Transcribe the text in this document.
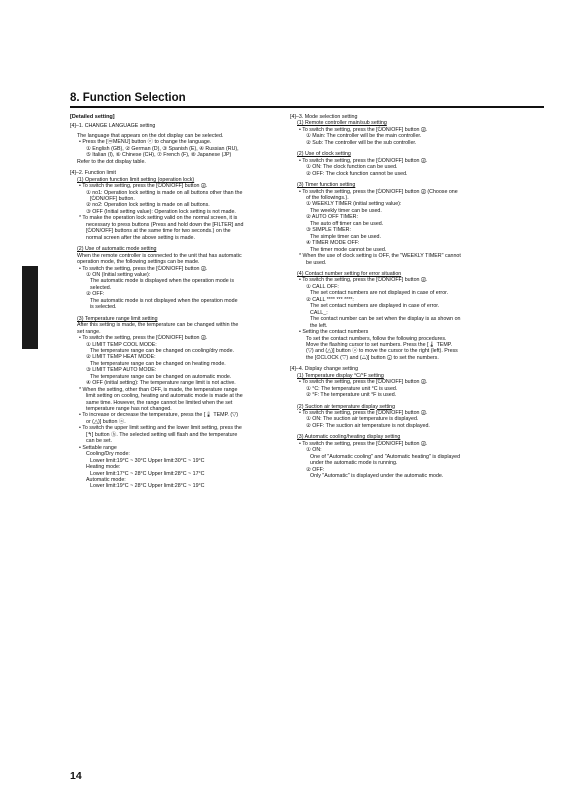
8. Function Selection
[Detailed setting]
[4]–1. CHANGE LANGUAGE setting
The language that appears on the dot display can be selected.
• Press the [ⓜMENU] button ⓔ to change the language.
① English (GB), ② German (D), ③ Spanish (E), ④ Russian (RU),
⑤ Italian (I), ⑥ Chinese (CH), ⑦ French (F), ⑧ Japanese (JP)
Refer to the dot display table.
[4]–2. Function limit
(1) Operation function limit setting (operation lock)
• To switch the setting, press the [⏻ON/OFF] button ⓓ.
① no1: Operation lock setting is made on all buttons other than the
[⏻ON/OFF] button.
② no2: Operation lock setting is made on all buttons.
③ OFF (Initial setting value): Operation lock setting is not made.
* To make the operation lock setting valid on the normal screen, it is
necessary to press buttons (Press and hold down the [FILTER] and
[⏻ON/OFF] buttons at the same time for two seconds.) on the
normal screen after the above setting is made.
(2) Use of automatic mode setting
When the remote controller is connected to the unit that has automatic
operation mode, the following settings can be made.
• To switch the setting, press the [⏻ON/OFF] button ⓓ.
① ON (Initial setting value):
The automatic mode is displayed when the operation mode is
selected.
② OFF:
The automatic mode is not displayed when the operation mode
is selected.
(3) Temperature range limit setting
After this setting is made, the temperature can be changed within the
set range.
• To switch the setting, press the [⏻ON/OFF] button ⓓ.
① LIMIT TEMP COOL MODE:
The temperature range can be changed on cooling/dry mode.
② LIMIT TEMP HEAT MODE:
The temperature range can be changed on heating mode.
③ LIMIT TEMP AUTO MODE:
The temperature range can be changed on automatic mode.
④ OFF (initial setting): The temperature range limit is not active.
* When the setting, other than OFF, is made, the temperature range
limit setting on cooling, heating and automatic mode is made at the
same time. However, the range cannot be limited when the set
temperature range has not changed.
• To increase or decrease the temperature, press the [🌡 TEMP. (▽)
or (△)] button ⓐ.
• To switch the upper limit setting and the lower limit setting, press the
[↰] button ⓗ. The selected setting will flash and the temperature
can be set.
• Settable range
Cooling/Dry mode:
Lower limit:19°C ~ 30°C Upper limit:30°C ~ 19°C
Heating mode:
Lower limit:17°C ~ 28°C Upper limit:28°C ~ 17°C
Automatic mode:
Lower limit:19°C ~ 28°C Upper limit:28°C ~ 19°C
[4]–3. Mode selection setting
(1) Remote controller main/sub setting
• To switch the setting, press the [⏻ON/OFF] button ⓓ.
① Main: The controller will be the main controller.
② Sub: The controller will be the sub controller.
(2) Use of clock setting
• To switch the setting, press the [⏻ON/OFF] button ⓓ.
① ON: The clock function can be used.
② OFF: The clock function cannot be used.
(3) Timer function setting
• To switch the setting, press the [⏻ON/OFF] button ⓓ (Choose one
of the followings.).
① WEEKLY TIMER (initial setting value):
The weekly timer can be used.
② AUTO OFF TIMER:
The auto off timer can be used.
③ SIMPLE TIMER:
The simple timer can be used.
④ TIMER MODE OFF:
The timer mode cannot be used.
* When the use of clock setting is OFF, the "WEEKLY TIMER" cannot
be used.
(4) Contact number setting for error situation
• To switch the setting, press the [⏻ON/OFF] button ⓓ.
① CALL OFF:
The set contact numbers are not displayed in case of error.
② CALL **** *** ****:
The set contact numbers are displayed in case of error.
CALL_:
The contact number can be set when the display is as shown on
the left.
• Setting the contact numbers
To set the contact numbers, follow the following procedures.
Move the flashing cursor to set numbers. Press the [🌡 TEMP.
(▽) and (△)] button ⓐ to move the cursor to the right (left). Press
the [⏲CLOCK (▽) and (△)] button ⓒ to set the numbers.
[4]–4. Display change setting
(1) Temperature display °C/°F setting
• To switch the setting, press the [⏻ON/OFF] button ⓓ.
① °C: The temperature unit °C is used.
② °F: The temperature unit °F is used.
(2) Suction air temperature display setting
• To switch the setting, press the [⏻ON/OFF] button ⓓ.
① ON: The suction air temperature is displayed.
② OFF: The suction air temperature is not displayed.
(3) Automatic cooling/heating display setting
• To switch the setting, press the [⏻ON/OFF] button ⓓ.
① ON:
One of "Automatic cooling" and "Automatic heating" is displayed
under the automatic mode is running.
② OFF:
Only "Automatic" is displayed under the automatic mode.
14
